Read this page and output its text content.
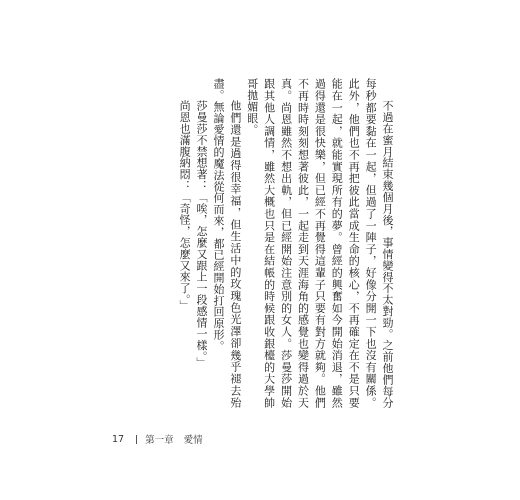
不過在蜜月結束幾個月後，事情變得不太對勁。之前他們每分每秒都要黏在一起，但過了一陣子，好像分開一下也沒有關係。此外，他們也不再把彼此當成生命的核心，不再確定在不是只要能在一起，就能實現所有的夢。曾經的興奮如今開始消退，雖然過得還是很快樂，但已經不再覺得這輩子只要有對方就夠。他們不再時時刻刻想著彼此，一起走到天涯海角的感覺也變得過於天真。尚恩雖然不想出軌，但已經開始注意別的女人。莎曼莎開始跟其他人調情，雖然大概也只是在結帳的時候跟收銀檯的大學帥哥拋媚眼。

他們還是過得很幸福，但生活中的玫瑰色光澤卻幾乎褪去殆盡。無論愛情的魔法從何而來，都已經開始打回原形。

莎曼莎不禁想著：「唉，怎麼又跟上一段感情一樣。」

尚恩也滿腹納悶：「奇怪，怎麼又來了。」

17 第一章 愛情
